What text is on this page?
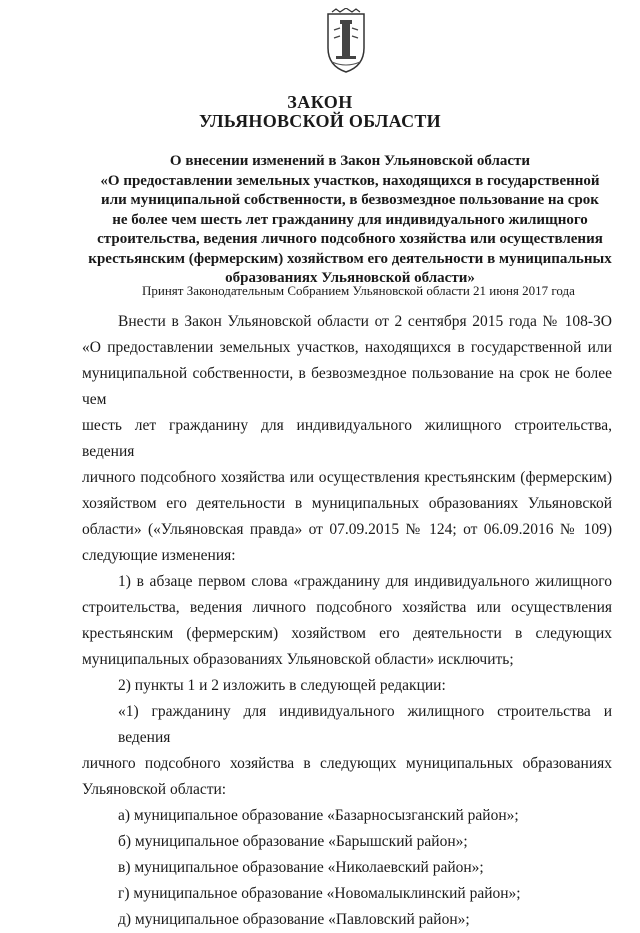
ЗАКОН
УЛЬЯНОВСКОЙ ОБЛАСТИ
О внесении изменений в Закон Ульяновской области
«О предоставлении земельных участков, находящихся в государственной
или муниципальной собственности, в безвозмездное пользование на срок
не более чем шесть лет гражданину для индивидуального жилищного
строительства, ведения личного подсобного хозяйства или осуществления
крестьянским (фермерским) хозяйством его деятельности в муниципальных
образованиях Ульяновской области»
Принят Законодательным Собранием Ульяновской области 21 июня 2017 года
Внести в Закон Ульяновской области от 2 сентября 2015 года № 108-ЗО
«О предоставлении земельных участков, находящихся в государственной или
муниципальной собственности, в безвозмездное пользование на срок не более чем
шесть лет гражданину для индивидуального жилищного строительства, ведения
личного подсобного хозяйства или осуществления крестьянским (фермерским)
хозяйством его деятельности в муниципальных образованиях Ульяновской
области» («Ульяновская правда» от 07.09.2015 № 124; от 06.09.2016 № 109)
следующие изменения:
1) в абзаце первом слова «гражданину для индивидуального жилищного
строительства, ведения личного подсобного хозяйства или осуществления
крестьянским (фермерским) хозяйством его деятельности в следующих
муниципальных образованиях Ульяновской области» исключить;
2) пункты 1 и 2 изложить в следующей редакции:
«1) гражданину для индивидуального жилищного строительства и ведения
личного подсобного хозяйства в следующих муниципальных образованиях
Ульяновской области:
а) муниципальное образование «Базарносызганский район»;
б) муниципальное образование «Барышский район»;
в) муниципальное образование «Николаевский район»;
г) муниципальное образование «Новомалыклинский район»;
д) муниципальное образование «Павловский район»;
